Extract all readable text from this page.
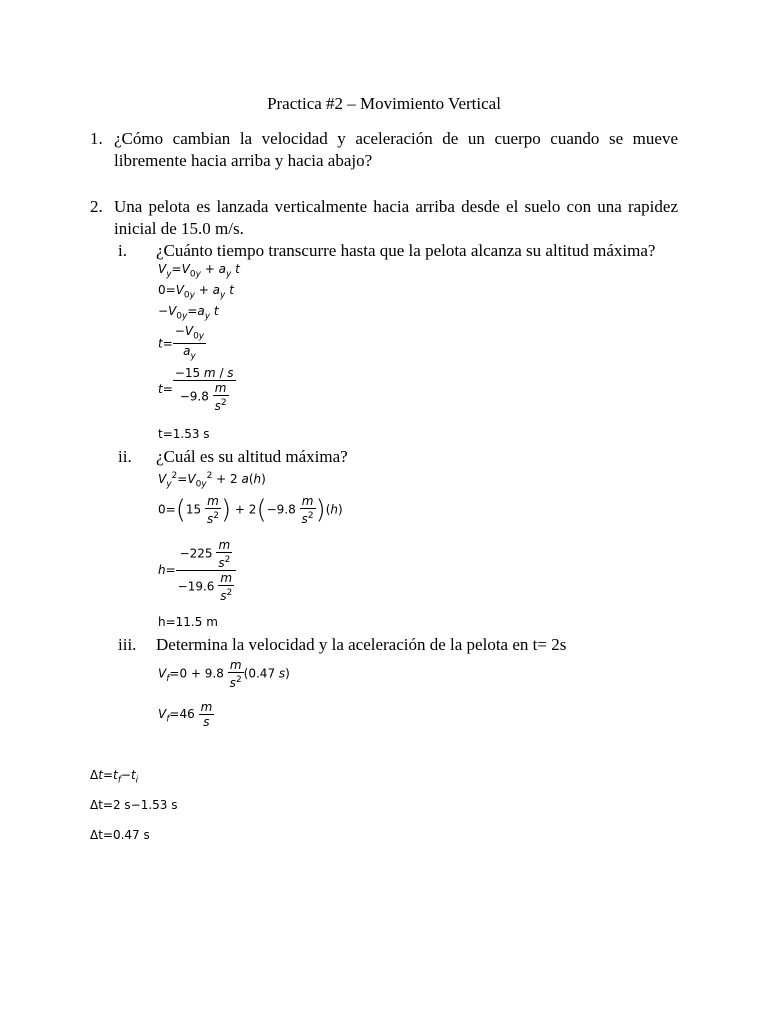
Practica #2 – Movimiento Vertical
1. ¿Cómo cambian la velocidad y aceleración de un cuerpo cuando se mueve libremente hacia arriba y hacia abajo?
2. Una pelota es lanzada verticalmente hacia arriba desde el suelo con una rapidez inicial de 15.0 m/s.
i. ¿Cuánto tiempo transcurre hasta que la pelota alcanza su altitud máxima?
$V_y=V_{0y} + a_y$ t
$0=V_{0y} + a_y$ t
$-V_{0y}=a_y$ t
$t= \frac{-V_{0y}}{a_y}$
$t= \frac{-15 m / s}{-9.8 \frac{m}{s^2}}$
t=1.53 s
ii. ¿Cuál es su altitud máxima?
$V_y^2=V_{0y}^2 + 2$ a(h)
$0=(15 \frac{m}{s^2}$ ) + $2(-9.8 \frac{m}{s^2} )(h)$
$h= \frac{-225 \frac{m}{s^2}}{-19.6 \frac{m}{s^2}}$
h=11.5 m
iii. Determina la velocidad y la aceleración de la pelota en t= 2s
$V_f=0 + 9.8 \frac{m}{s^2} (0.47$ s)
$V_f=46 \frac{m}{s}$
$\Delta t=t_f-t_i$
Δt=2 s−1.53 s
Δt=0.47 s
